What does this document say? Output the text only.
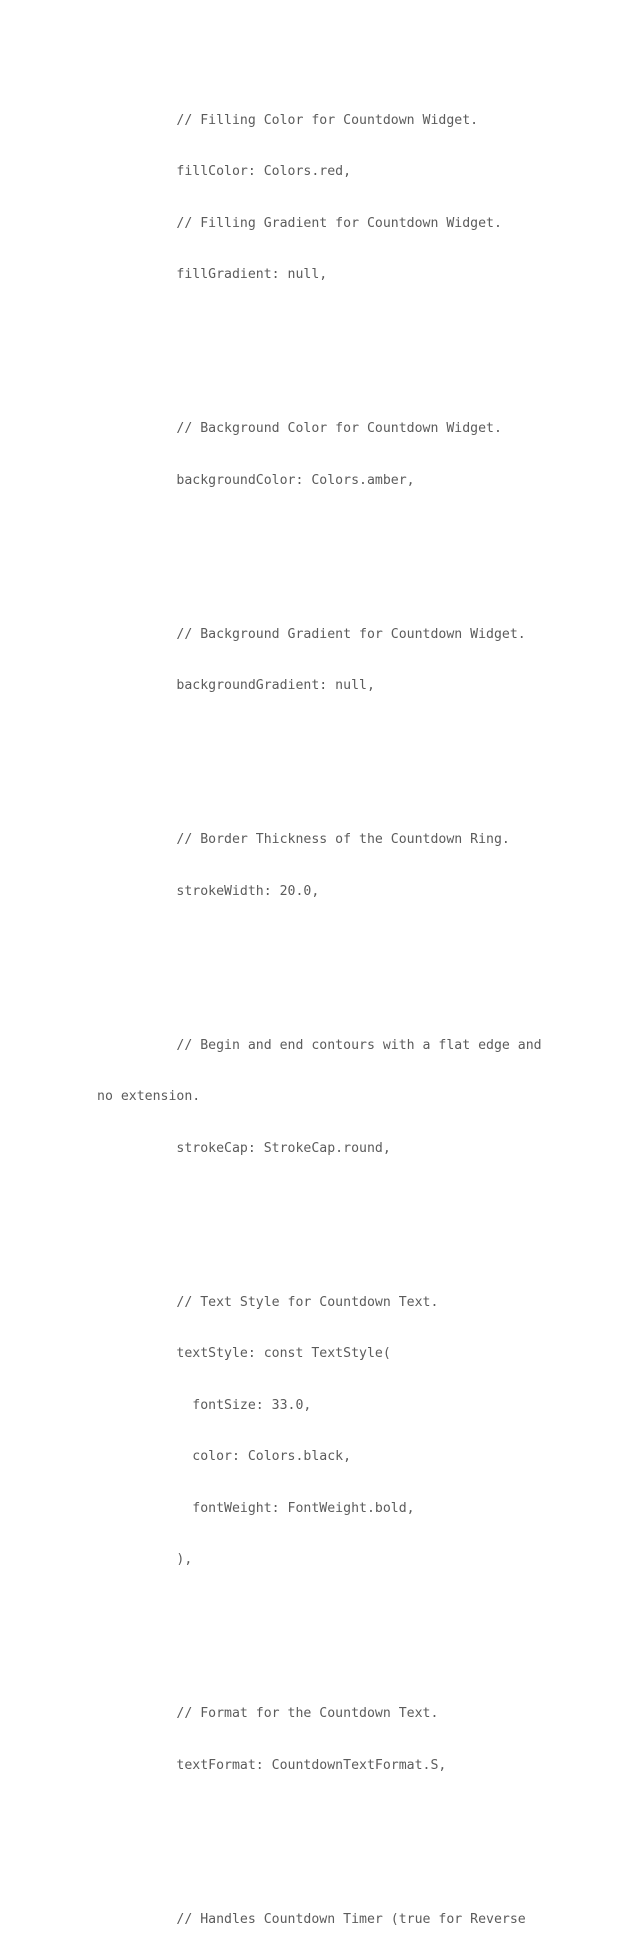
// Filling Color for Countdown Widget.

fillColor: Colors.red,

// Filling Gradient for Countdown Widget.

fillGradient: null,

// Background Color for Countdown Widget.

backgroundColor: Colors.amber,

// Background Gradient for Countdown Widget.

backgroundGradient: null,

// Border Thickness of the Countdown Ring.

strokeWidth: 20.0,

// Begin and end contours with a flat edge and

no extension.

strokeCap: StrokeCap.round,

// Text Style for Countdown Text.

textStyle: const TextStyle(

fontSize: 33.0,

color: Colors.black,

fontWeight: FontWeight.bold,

),

// Format for the Countdown Text.

textFormat: CountdownTextFormat.S,

// Handles Countdown Timer (true for Reverse
